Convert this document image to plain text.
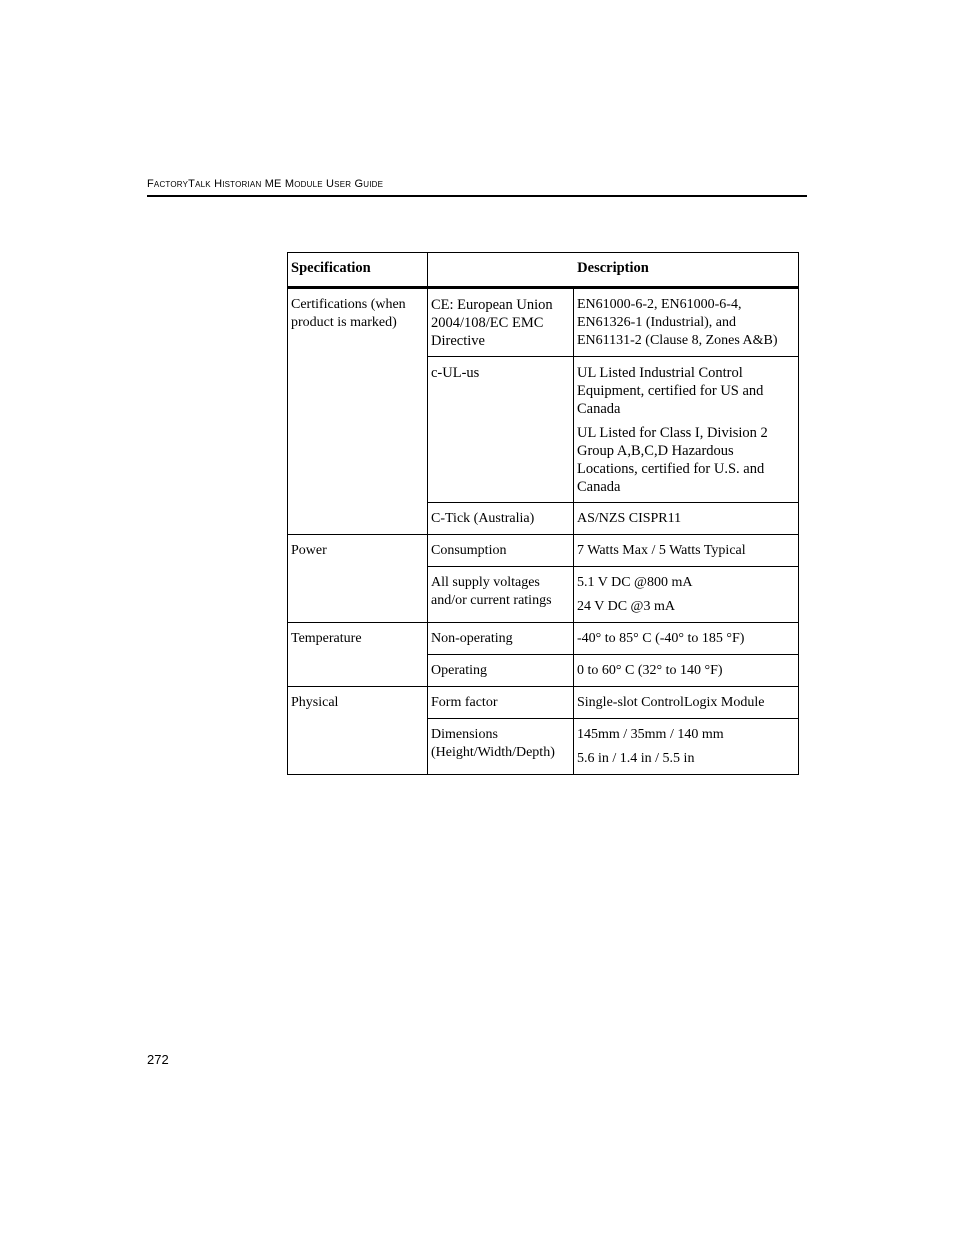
FactoryTalk Historian ME Module User Guide
Specification	Description	
Certifications (when product is marked)	CE: European Union 2004/108/EC EMC Directive	EN61000-6-2, EN61000-6-4, EN61326-1 (Industrial), and EN61131-2 (Clause 8, Zones A&B)

	c-UL-us	UL Listed Industrial Control Equipment, certified for US and Canada
UL Listed for Class I, Division 2 Group A,B,C,D Hazardous Locations, certified for U.S. and Canada

	C-Tick (Australia)	AS/NZS CISPR11

Power	Consumption	7 Watts Max / 5 Watts Typical

	All supply voltages and/or current ratings	5.1 V DC @800 mA
24 V DC @3 mA

Temperature	Non-operating	-40° to 85° C (-40° to 185 °F)

	Operating	0 to 60° C (32° to 140 °F)

Physical	Form factor	Single-slot ControlLogix Module

	Dimensions (Height/Width/Depth)	145mm / 35mm / 140 mm
5.6 in / 1.4 in / 5.5 in
272
